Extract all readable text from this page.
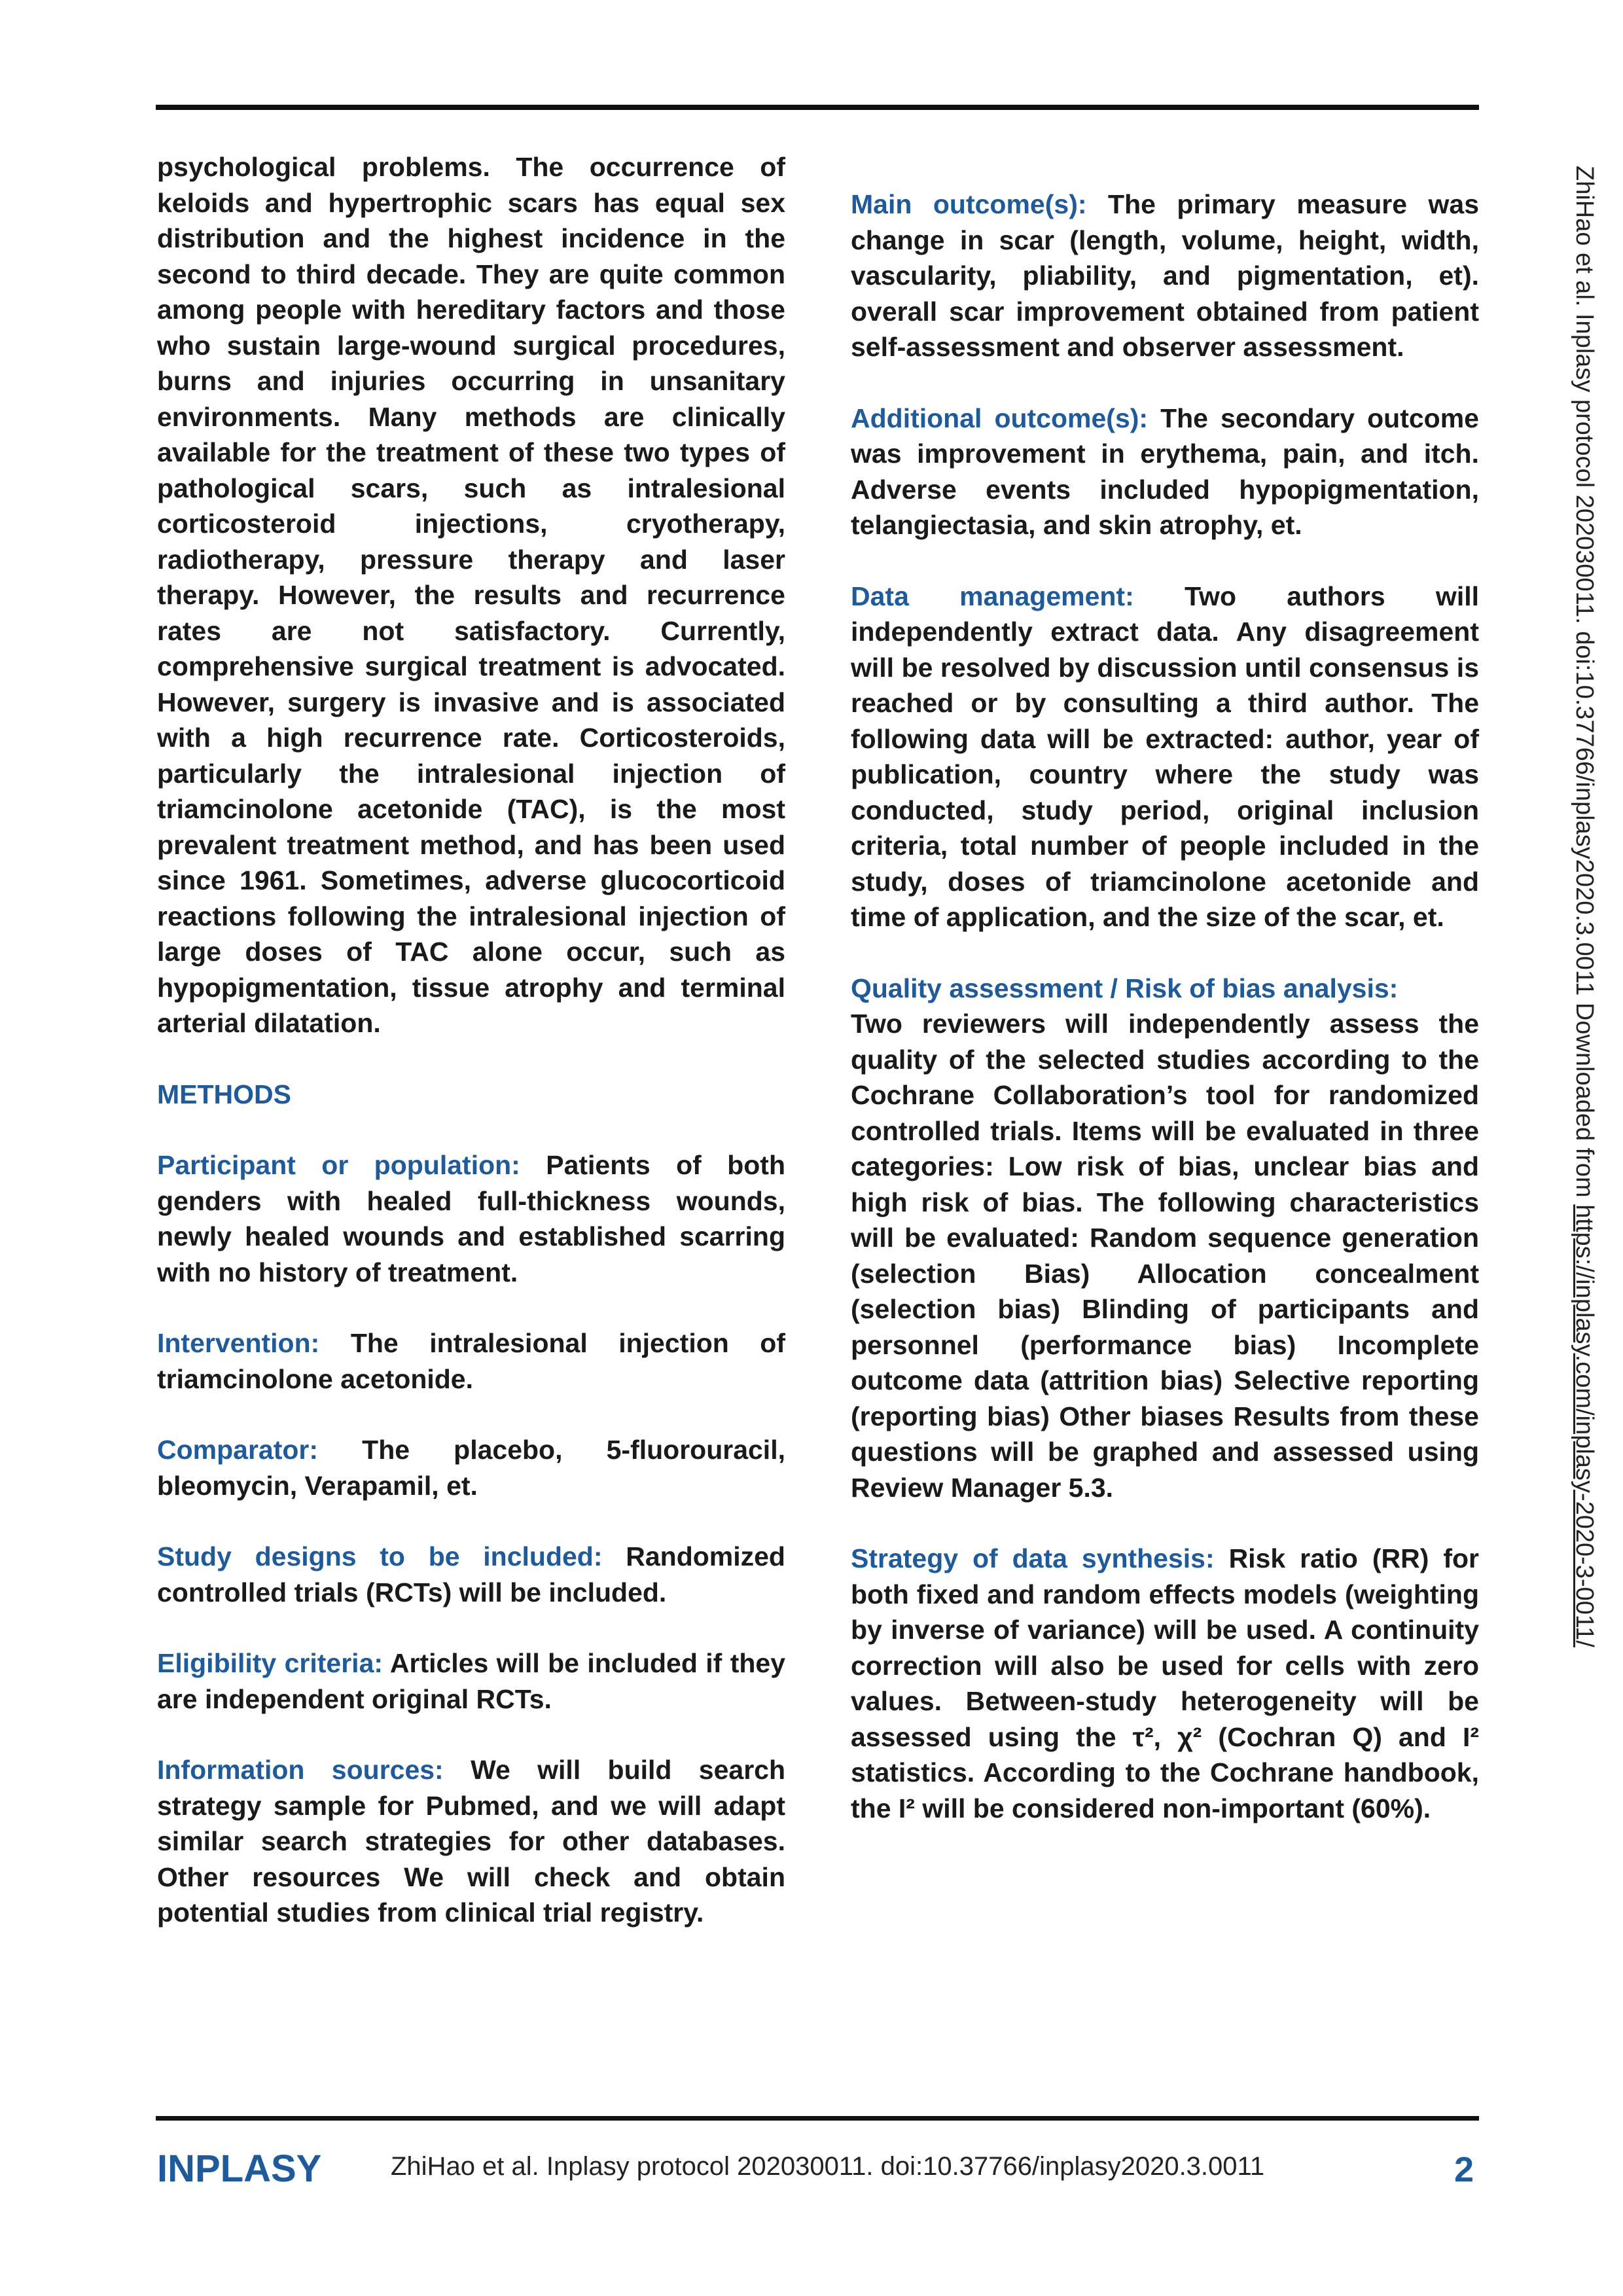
psychological problems. The occurrence of keloids and hypertrophic scars has equal sex distribution and the highest incidence in the second to third decade. They are quite common among people with hereditary factors and those who sustain large-wound surgical procedures, burns and injuries occurring in unsanitary environments. Many methods are clinically available for the treatment of these two types of pathological scars, such as intralesional corticosteroid injections, cryotherapy, radiotherapy, pressure therapy and laser therapy. However, the results and recurrence rates are not satisfactory. Currently, comprehensive surgical treatment is advocated. However, surgery is invasive and is associated with a high recurrence rate. Corticosteroids, particularly the intralesional injection of triamcinolone acetonide (TAC), is the most prevalent treatment method, and has been used since 1961. Sometimes, adverse glucocorticoid reactions following the intralesional injection of large doses of TAC alone occur, such as hypopigmentation, tissue atrophy and terminal arterial dilatation.

METHODS

Participant or population: Patients of both genders with healed full-thickness wounds, newly healed wounds and established scarring with no history of treatment.

Intervention: The intralesional injection of triamcinolone acetonide.

Comparator: The placebo, 5-fluorouracil, bleomycin, Verapamil, et.

Study designs to be included: Randomized controlled trials (RCTs) will be included.

Eligibility criteria: Articles will be included if they are independent original RCTs.

Information sources: We will build search strategy sample for Pubmed, and we will adapt similar search strategies for other databases. Other resources We will check and obtain potential studies from clinical trial registry.

Main outcome(s): The primary measure was change in scar (length, volume, height, width, vascularity, pliability, and pigmentation, et). overall scar improvement obtained from patient self-assessment and observer assessment.

Additional outcome(s): The secondary outcome was improvement in erythema, pain, and itch. Adverse events included hypopigmentation, telangiectasia, and skin atrophy, et.

Data management: Two authors will independently extract data. Any disagreement will be resolved by discussion until consensus is reached or by consulting a third author. The following data will be extracted: author, year of publication, country where the study was conducted, study period, original inclusion criteria, total number of people included in the study, doses of triamcinolone acetonide and time of application, and the size of the scar, et.

Quality assessment / Risk of bias analysis:
Two reviewers will independently assess the quality of the selected studies according to the Cochrane Collaboration’s tool for randomized controlled trials. Items will be evaluated in three categories: Low risk of bias, unclear bias and high risk of bias. The following characteristics will be evaluated: Random sequence generation (selection Bias) Allocation concealment (selection bias) Blinding of participants and personnel (performance bias) Incomplete outcome data (attrition bias) Selective reporting (reporting bias) Other biases Results from these questions will be graphed and assessed using Review Manager 5.3.

Strategy of data synthesis: Risk ratio (RR) for both fixed and random effects models (weighting by inverse of variance) will be used. A continuity correction will also be used for cells with zero values. Between-study heterogeneity will be assessed using the τ², χ² (Cochran Q) and I² statistics. According to the Cochrane handbook, the I² will be considered non-important (60%).

ZhiHao et al. Inplasy protocol 202030011. doi:10.37766/inplasy2020.3.0011 Downloaded from https://inplasy.com/inplasy-2020-3-0011/
INPLASY	ZhiHao et al. Inplasy protocol 202030011. doi:10.37766/inplasy2020.3.0011	2
